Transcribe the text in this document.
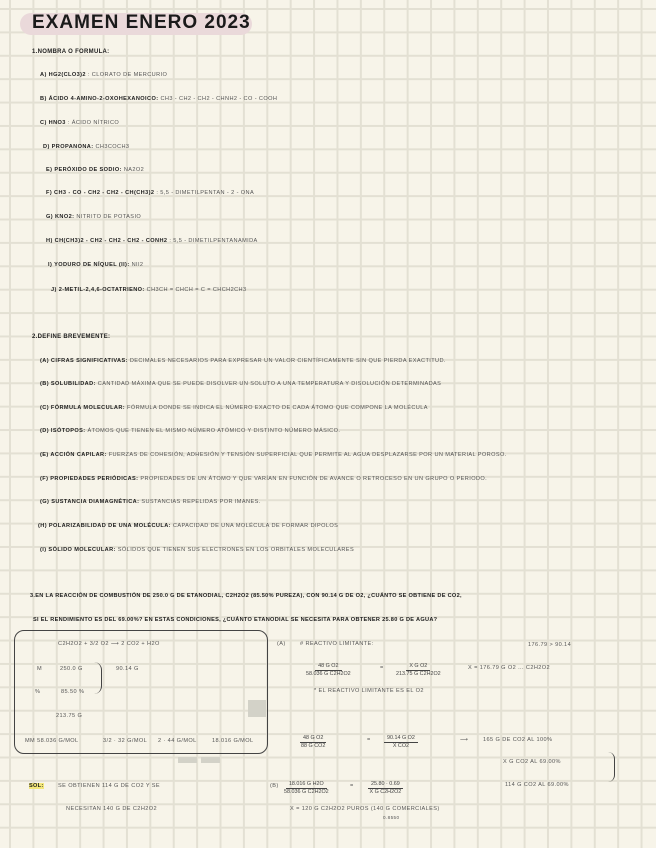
EXAMEN ENERO 2023
1.NOMBRA O FORMULA:
A) HG2(CLO3)2 : CLORATO DE MERCURIO
B) ÁCIDO 4-AMINO-2-OXOHEXANOICO: CH3 - CH2 - CH2 - CHNH2 - CO - COOH
C) HNO3 : ÁCIDO NÍTRICO
D) PROPANONA: CH3COCH3
E) PERÓXIDO DE SODIO: NA2O2
F) CH3 - CO - CH2 - CH2 - CH(CH3)2 : 5,5 - DIMETILPENTAN - 2 - ONA
G) KNO2: NITRITO DE POTASIO
H) CH(CH3)2 - CH2 - CH2 - CH2 - CONH2 : 5,5 - DIMETILPENTANAMIDA
I) YODURO DE NÍQUEL (II): NII2
J) 2-METIL-2,4,6-OCTATRIENO: CH3CH = CHCH = C = CHCH2CH3
2.DEFINE BREVEMENTE:
(A) CIFRAS SIGNIFICATIVAS: DECIMALES NECESARIOS PARA EXPRESAR UN VALOR CIENTÍFICAMENTE SIN QUE PIERDA EXACTITUD.
(B) SOLUBILIDAD: CANTIDAD MÁXIMA QUE SE PUEDE DISOLVER UN SOLUTO A UNA TEMPERATURA Y DISOLUCIÓN DETERMINADAS
(C) FÓRMULA MOLECULAR: FÓRMULA DONDE SE INDICA EL NÚMERO EXACTO DE CADA ÁTOMO QUE COMPONE LA MOLÉCULA
(D) ISÓTOPOS: ÁTOMOS QUE TIENEN EL MISMO NÚMERO ATÓMICO Y DISTINTO NÚMERO MÁSICO.
(E) ACCIÓN CAPILAR: FUERZAS DE COHESIÓN, ADHESIÓN Y TENSIÓN SUPERFICIAL QUE PERMITE AL AGUA DESPLAZARSE POR UN MATERIAL POROSO.
(F) PROPIEDADES PERIÓDICAS: PROPIEDADES DE UN ÁTOMO Y QUE VARÍAN EN FUNCIÓN DE AVANCE O RETROCESO EN UN GRUPO O PERIODO.
(G) SUSTANCIA DIAMAGNÉTICA: SUSTANCIAS REPELIDAS POR IMANES.
(H) POLARIZABILIDAD DE UNA MOLÉCULA: CAPACIDAD DE UNA MOLÉCULA DE FORMAR DIPOLOS
(I) SÓLIDO MOLECULAR: SÓLIDOS QUE TIENEN SUS ELECTRONES EN LOS ORBITALES MOLECULARES
3.EN LA REACCIÓN DE COMBUSTIÓN DE 250.0 G DE ETANODIAL, C2H2O2 (85.50% PUREZA), CON 90.14 G DE O2, ¿CUÁNTO SE OBTIENE DE CO2,
SI EL RENDIMIENTO ES DEL 69.00%? EN ESTAS CONDICIONES, ¿CUÁNTO ETANODIAL SE NECESITA PARA OBTENER 25.80 G DE AGUA?
C2H2O2 + 3/2 O2 ⟶ 2 CO2 + H2O
M	250.0 G	90.14 G
%	85.50 %
213.75 G
MM 58.036 G/MOL	3/2 · 32 G/MOL 2 · 44 G/MOL	18.016 G/MOL
(A)	# REACTIVO LIMITANTE:
$\frac{\text{48 G O2}}{\text{58.036 G C2H2O2}}$	= $\frac{\text{X G O2}}{\text{213.75 G C2H2O2}}$	X = 176.79 G O2 ... C2H2O2
176.79 > 90.14
* EL REACTIVO LIMITANTE ES EL O2
$\frac{\text{48 G O2}}{\text{88 G CO2}}$	= $\frac{\text{90.14 G O2}}{\text{X CO2}}$	⟶	165 G DE CO2 AL 100%
X G CO2 AL 69.00%
114 G CO2 AL 69.00%
$(B) \frac{\text{18.016 G H2O}}{\text{58.036 G C2H2O2}}$	=	$\frac{25.80 \cdot 0.69}{\text{X G C2H2O2}}$
X = 120 G C2H2O2 PUROS (140 G COMERCIALES)
0.8550
SOL:	SE OBTIENEN 114 G DE CO2 Y SE
NECESITAN 140 G DE C2H2O2
